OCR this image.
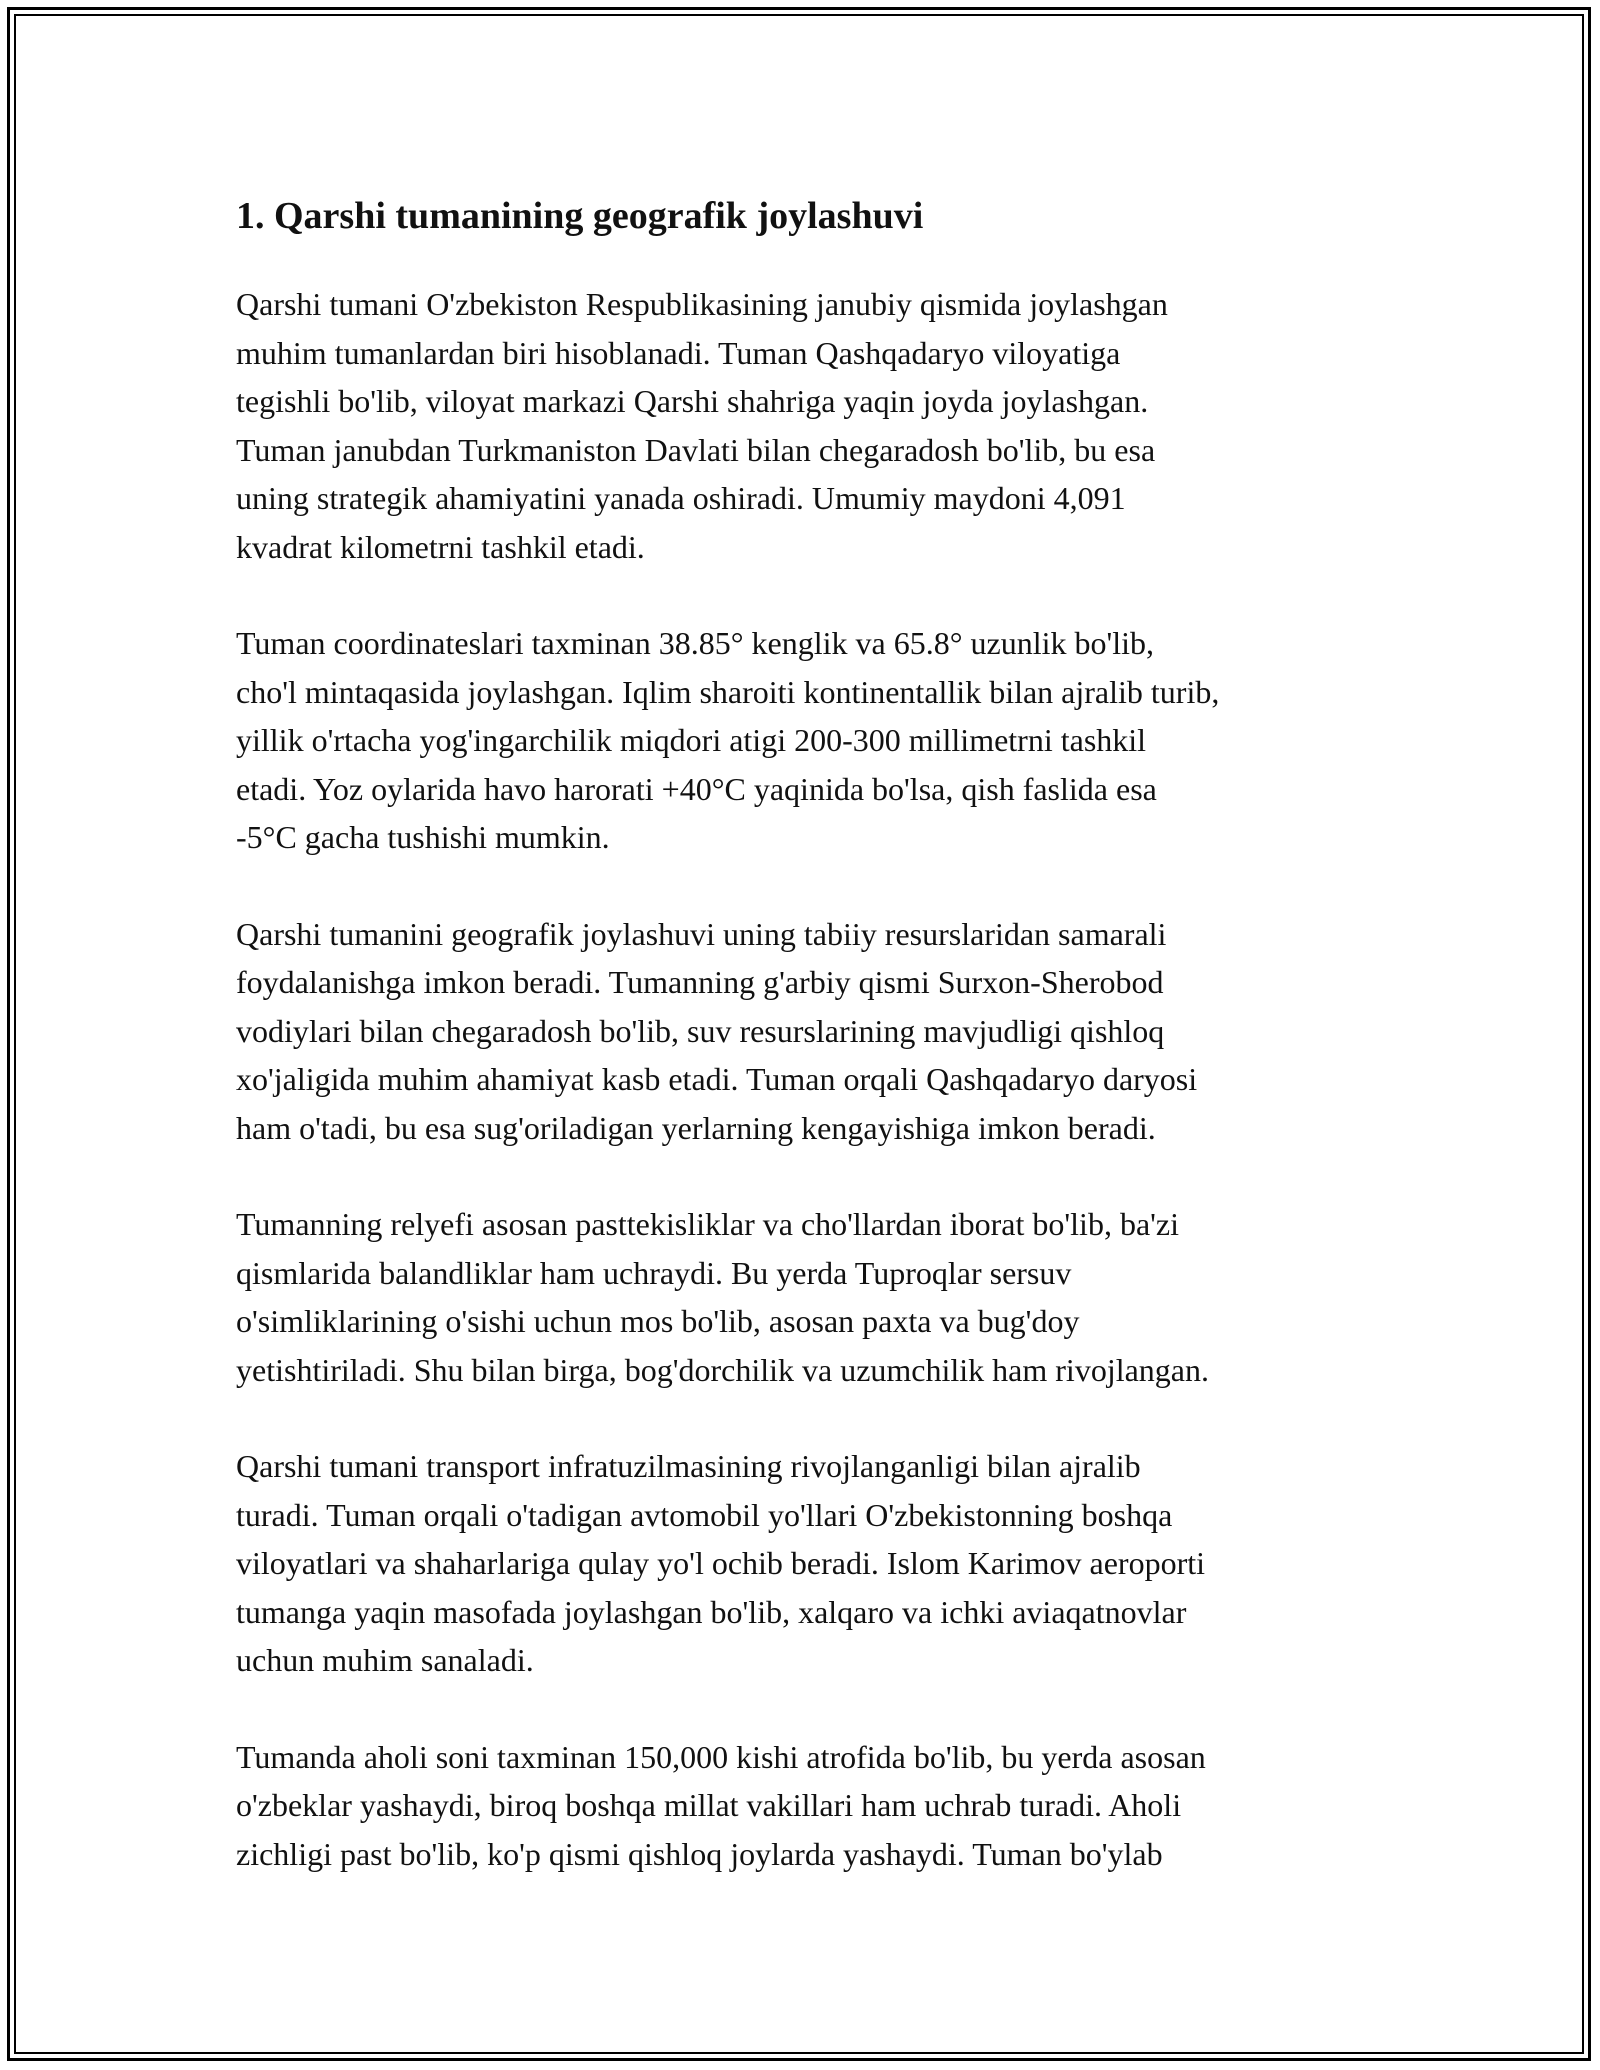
1. Qarshi tumanining geografik joylashuvi

Qarshi tumani O'zbekiston Respublikasining janubiy qismida joylashgan
muhim tumanlardan biri hisoblanadi. Tuman Qashqadaryo viloyatiga
tegishli bo'lib, viloyat markazi Qarshi shahriga yaqin joyda joylashgan.
Tuman janubdan Turkmaniston Davlati bilan chegaradosh bo'lib, bu esa
uning strategik ahamiyatini yanada oshiradi. Umumiy maydoni 4,091
kvadrat kilometrni tashkil etadi.

Tuman coordinateslari taxminan 38.85° kenglik va 65.8° uzunlik bo'lib,
cho'l mintaqasida joylashgan. Iqlim sharoiti kontinentallik bilan ajralib turib,
yillik o'rtacha yog'ingarchilik miqdori atigi 200-300 millimetrni tashkil
etadi. Yoz oylarida havo harorati +40°C yaqinida bo'lsa, qish faslida esa
-5°C gacha tushishi mumkin.

Qarshi tumanini geografik joylashuvi uning tabiiy resurslaridan samarali
foydalanishga imkon beradi. Tumanning g'arbiy qismi Surxon-Sherobod
vodiylari bilan chegaradosh bo'lib, suv resurslarining mavjudligi qishloq
xo'jaligida muhim ahamiyat kasb etadi. Tuman orqali Qashqadaryo daryosi
ham o'tadi, bu esa sug'oriladigan yerlarning kengayishiga imkon beradi.

Tumanning relyefi asosan pasttekisliklar va cho'llardan iborat bo'lib, ba'zi
qismlarida balandliklar ham uchraydi. Bu yerda Tuproqlar sersuv
o'simliklarining o'sishi uchun mos bo'lib, asosan paxta va bug'doy
yetishtiriladi. Shu bilan birga, bog'dorchilik va uzumchilik ham rivojlangan.

Qarshi tumani transport infratuzilmasining rivojlanganligi bilan ajralib
turadi. Tuman orqali o'tadigan avtomobil yo'llari O'zbekistonning boshqa
viloyatlari va shaharlariga qulay yo'l ochib beradi. Islom Karimov aeroporti
tumanga yaqin masofada joylashgan bo'lib, xalqaro va ichki aviaqatnovlar
uchun muhim sanaladi.

Tumanda aholi soni taxminan 150,000 kishi atrofida bo'lib, bu yerda asosan
o'zbeklar yashaydi, biroq boshqa millat vakillari ham uchrab turadi. Aholi
zichligi past bo'lib, ko'p qismi qishloq joylarda yashaydi. Tuman bo'ylab
